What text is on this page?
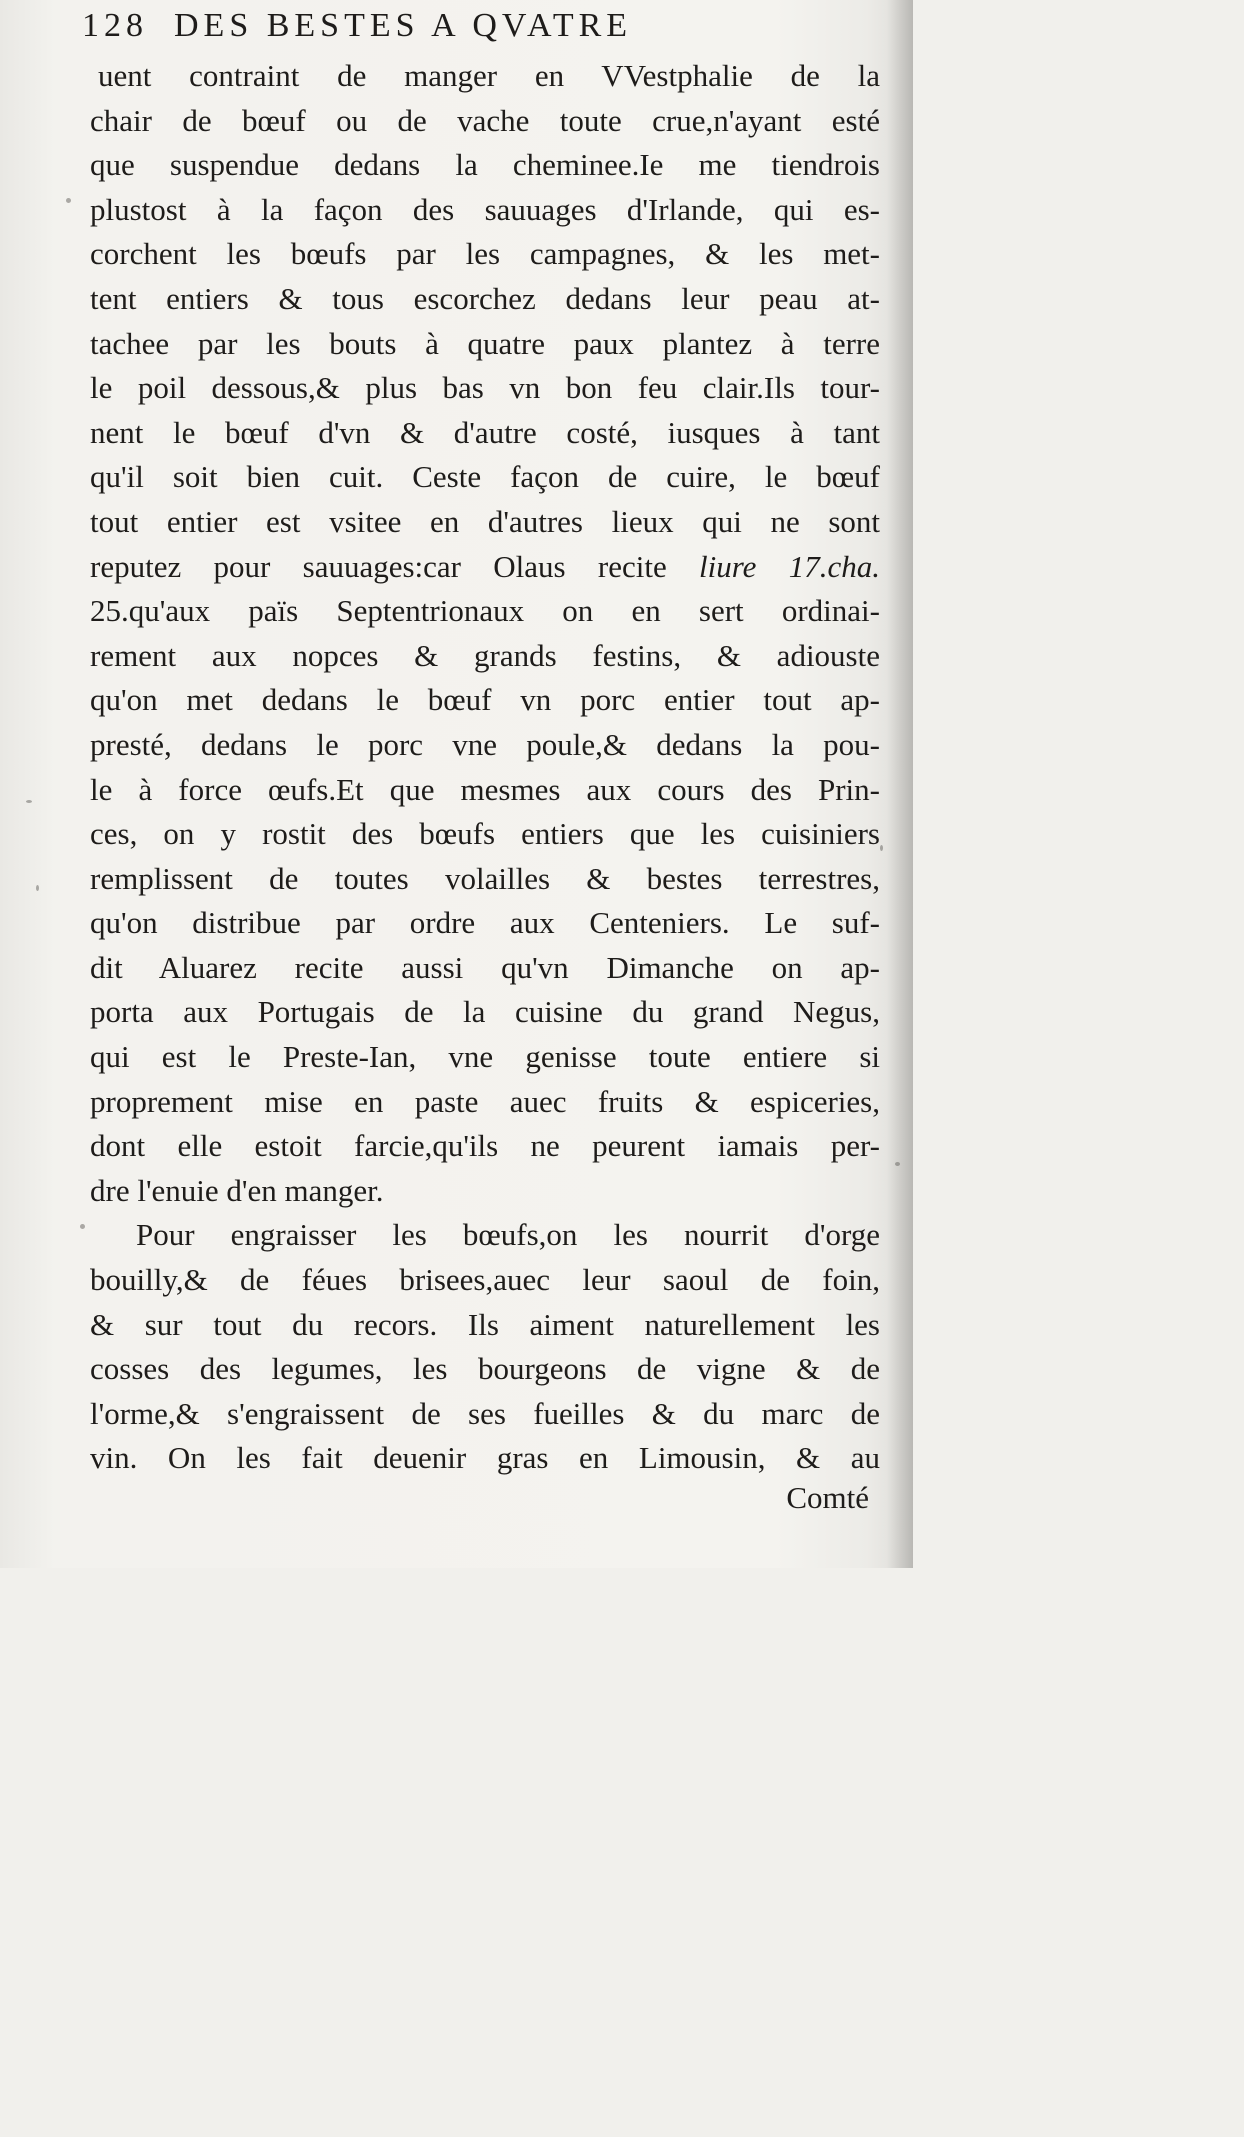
128 DES BESTES A QVATRE
uent contraint de manger en VVestphalie de la
chair de bœuf ou de vache toute crue,n'ayant esté
que suspendue dedans la cheminee.Ie me tiendrois
plustost à la façon des sauuages d'Irlande, qui es-
corchent les bœufs par les campagnes, & les met-
tent entiers & tous escorchez dedans leur peau at-
tachee par les bouts à quatre paux plantez à terre
le poil dessous,& plus bas vn bon feu clair.Ils tour-
nent le bœuf d'vn & d'autre costé, iusques à tant
qu'il soit bien cuit. Ceste façon de cuire, le bœuf
tout entier est vsitee en d'autres lieux qui ne sont
reputez pour sauuages:car Olaus recite liure 17.cha.
25.qu'aux païs Septentrionaux on en sert ordinai-
rement aux nopces & grands festins, & adiouste
qu'on met dedans le bœuf vn porc entier tout ap-
presté, dedans le porc vne poule,& dedans la pou-
le à force œufs.Et que mesmes aux cours des Prin-
ces, on y rostit des bœufs entiers que les cuisiniers
remplissent de toutes volailles & bestes terrestres,
qu'on distribue par ordre aux Centeniers. Le suf-
dit Aluarez recite aussi qu'vn Dimanche on ap-
porta aux Portugais de la cuisine du grand Negus,
qui est le Preste-Ian, vne genisse toute entiere si
proprement mise en paste auec fruits & espiceries,
dont elle estoit farcie,qu'ils ne peurent iamais per-
dre l'enuie d'en manger.
Pour engraisser les bœufs,on les nourrit d'orge
bouilly,& de féues brisees,auec leur saoul de foin,
& sur tout du recors. Ils aiment naturellement les
cosses des legumes, les bourgeons de vigne & de
l'orme,& s'engraissent de ses fueilles & du marc de
vin. On les fait deuenir gras en Limousin, & au
Comté
